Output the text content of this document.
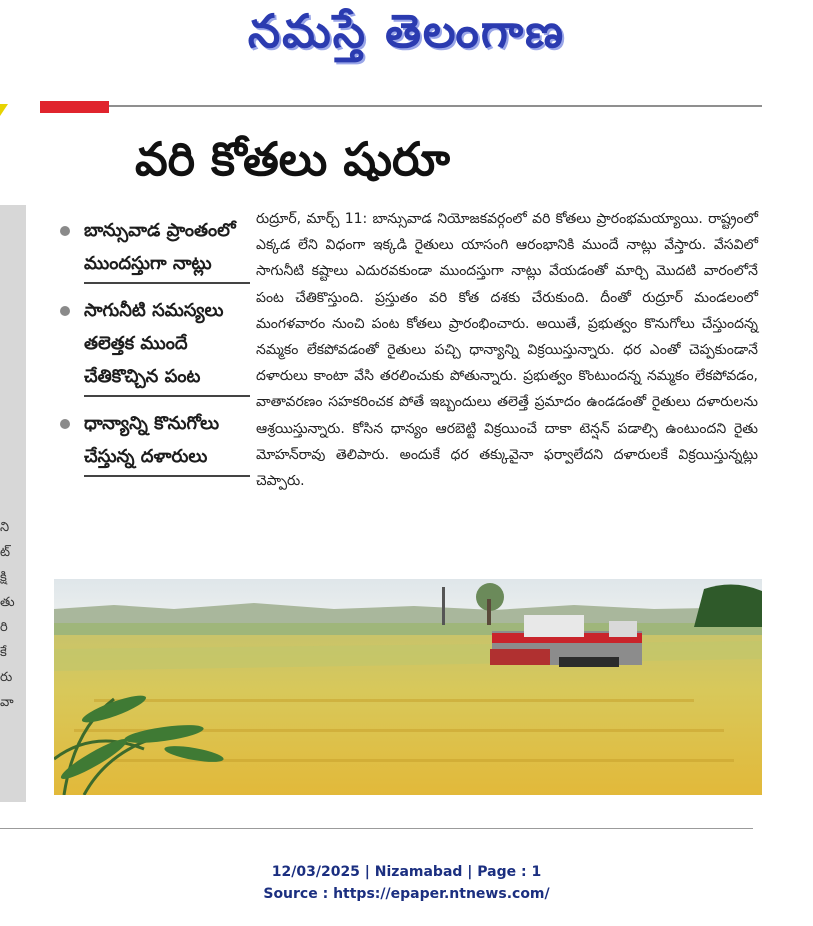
నమస్తే తెలంగాణ
ని
ట్
క్షి
తు
రి
కే
రు
వా
వరి కోతలు షురూ
బాన్సువాడ ప్రాంతంలో ముందస్తుగా నాట్లు
సాగునీటి సమస్యలు తలెత్తక ముందే చేతికొచ్చిన పంట
ధాన్యాన్ని కొనుగోలు చేస్తున్న దళారులు
రుద్రూర్, మార్చ్ 11: బాన్సువాడ నియోజకవర్గంలో వరి కోతలు ప్రారంభమయ్యాయి. రాష్ట్రంలో ఎక్కడ లేని విధంగా ఇక్కడి రైతులు యాసంగి ఆరంభానికి ముందే నాట్లు వేస్తారు. వేసవిలో సాగునీటి కష్టాలు ఎదురవకుండా ముందస్తుగా నాట్లు వేయడంతో మార్చి మొదటి వారంలోనే పంట చేతికొస్తుంది. ప్రస్తుతం వరి కోత దశకు చేరుకుంది. దీంతో రుద్రూర్ మండలంలో మంగళవారం నుంచి పంట కోతలు ప్రారంభించారు. అయితే, ప్రభుత్వం కొనుగోలు చేస్తుందన్న నమ్మకం లేకపోవడంతో రైతులు పచ్చి ధాన్యాన్ని విక్రయిస్తున్నారు. ధర ఎంతో చెప్పకుండానే దళారులు కాంటా వేసి తరలించుకు పోతున్నారు. ప్రభుత్వం కొంటుందన్న నమ్మకం లేకపోవడం, వాతావరణం సహకరించక పోతే ఇబ్బందులు తలెత్తే ప్రమాదం ఉండడంతో రైతులు దళారులను ఆశ్రయిస్తున్నారు. కోసిన ధాన్యం ఆరబెట్టి విక్రయించే దాకా టెన్షన్ పడాల్సి ఉంటుందని రైతు మోహన్‌రావు తెలిపారు. అందుకే ధర తక్కువైనా ఫర్వాలేదని దళారులకే విక్రయిస్తున్నట్లు చెప్పారు.
12/03/2025 | Nizamabad | Page : 1
Source : https://epaper.ntnews.com/
